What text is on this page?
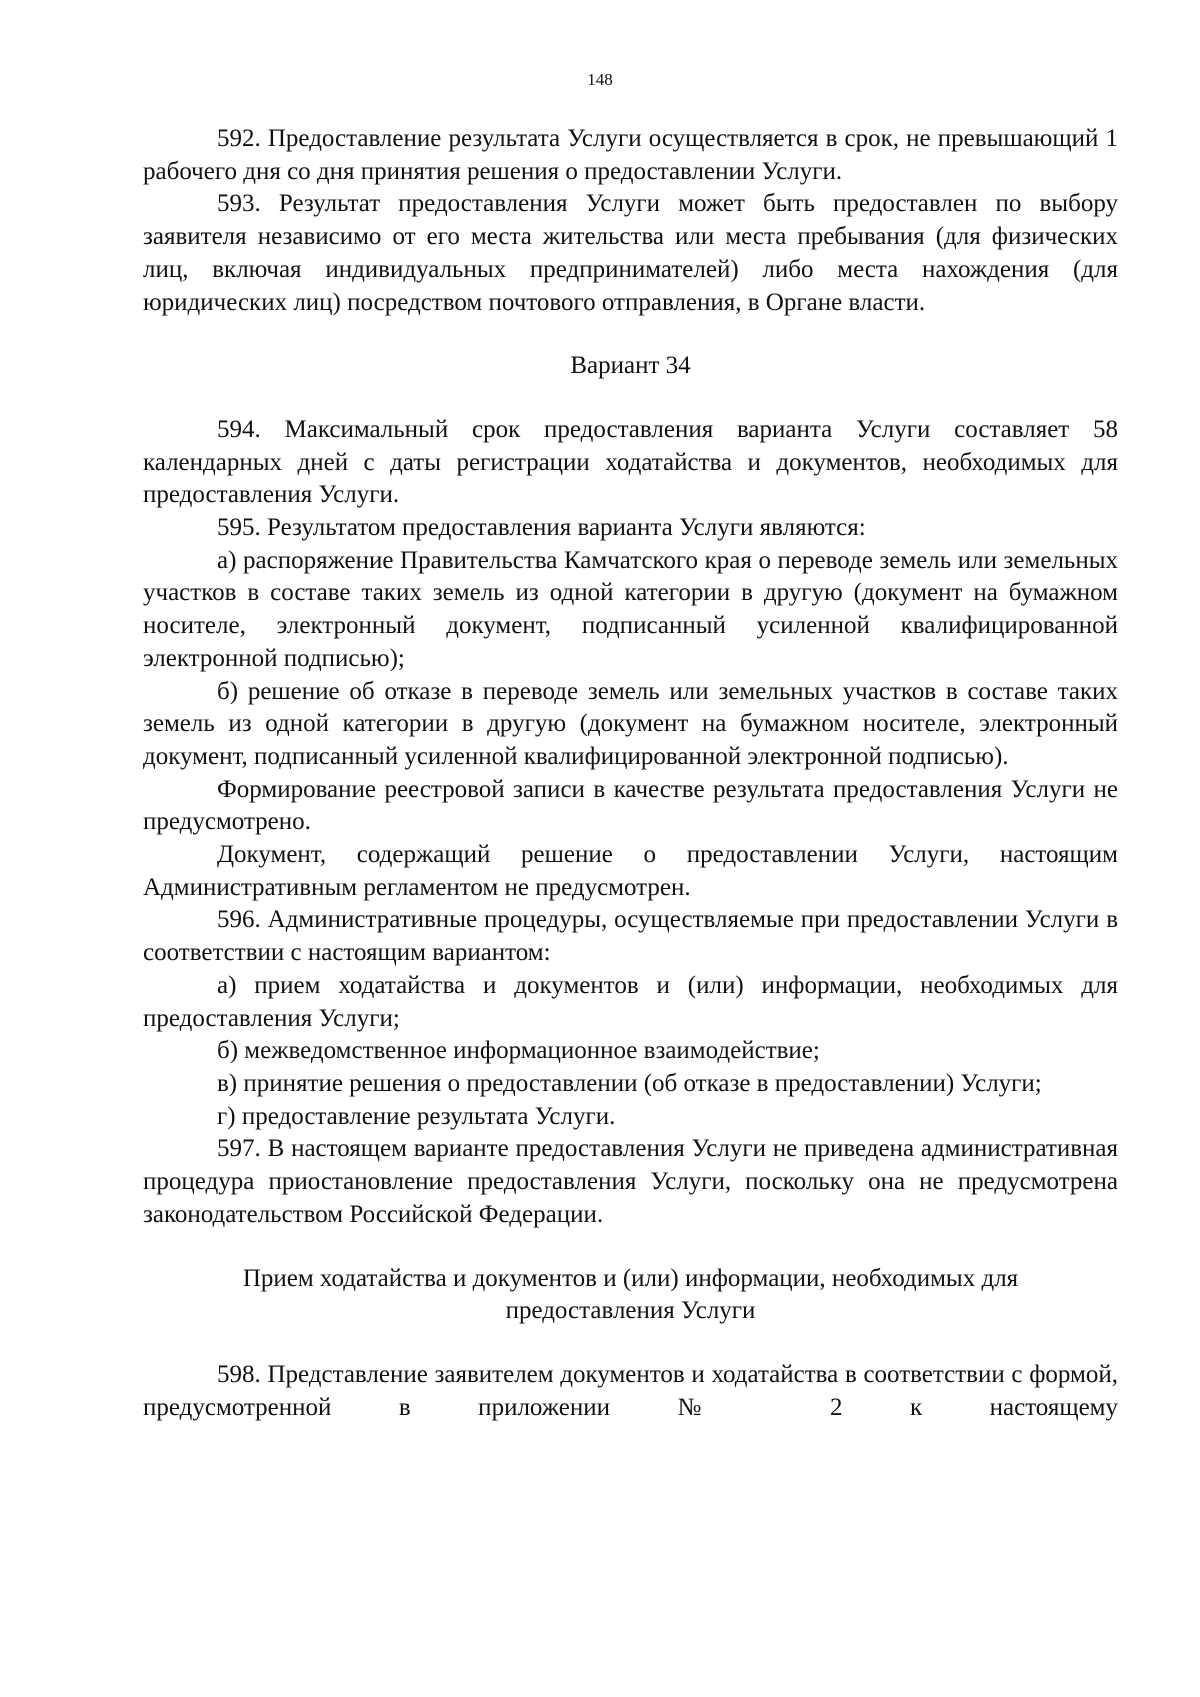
148

592. Предоставление результата Услуги осуществляется в срок, не превышающий 1 рабочего дня со дня принятия решения о предоставлении Услуги.

593. Результат предоставления Услуги может быть предоставлен по выбору заявителя независимо от его места жительства или места пребывания (для физических лиц, включая индивидуальных предпринимателей) либо места нахождения (для юридических лиц) посредством почтового отправления, в Органе власти.

Вариант 34

594. Максимальный срок предоставления варианта Услуги составляет 58 календарных дней с даты регистрации ходатайства и документов, необходимых для предоставления Услуги.

595. Результатом предоставления варианта Услуги являются:

а) распоряжение Правительства Камчатского края о переводе земель или земельных участков в составе таких земель из одной категории в другую (документ на бумажном носителе, электронный документ, подписанный усиленной квалифицированной электронной подписью);

б) решение об отказе в переводе земель или земельных участков в составе таких земель из одной категории в другую (документ на бумажном носителе, электронный документ, подписанный усиленной квалифицированной электронной подписью).

Формирование реестровой записи в качестве результата предоставления Услуги не предусмотрено.

Документ, содержащий решение о предоставлении Услуги, настоящим Административным регламентом не предусмотрен.

596. Административные процедуры, осуществляемые при предоставлении Услуги в соответствии с настоящим вариантом:

а) прием ходатайства и документов и (или) информации, необходимых для предоставления Услуги;

б) межведомственное информационное взаимодействие;

в) принятие решения о предоставлении (об отказе в предоставлении) Услуги;

г) предоставление результата Услуги.

597. В настоящем варианте предоставления Услуги не приведена административная процедура приостановление предоставления Услуги, поскольку она не предусмотрена законодательством Российской Федерации.

Прием ходатайства и документов и (или) информации, необходимых для

предоставления Услуги

598. Представление заявителем документов и ходатайства в соответствии с формой, предусмотренной в приложении № 2 к настоящему
